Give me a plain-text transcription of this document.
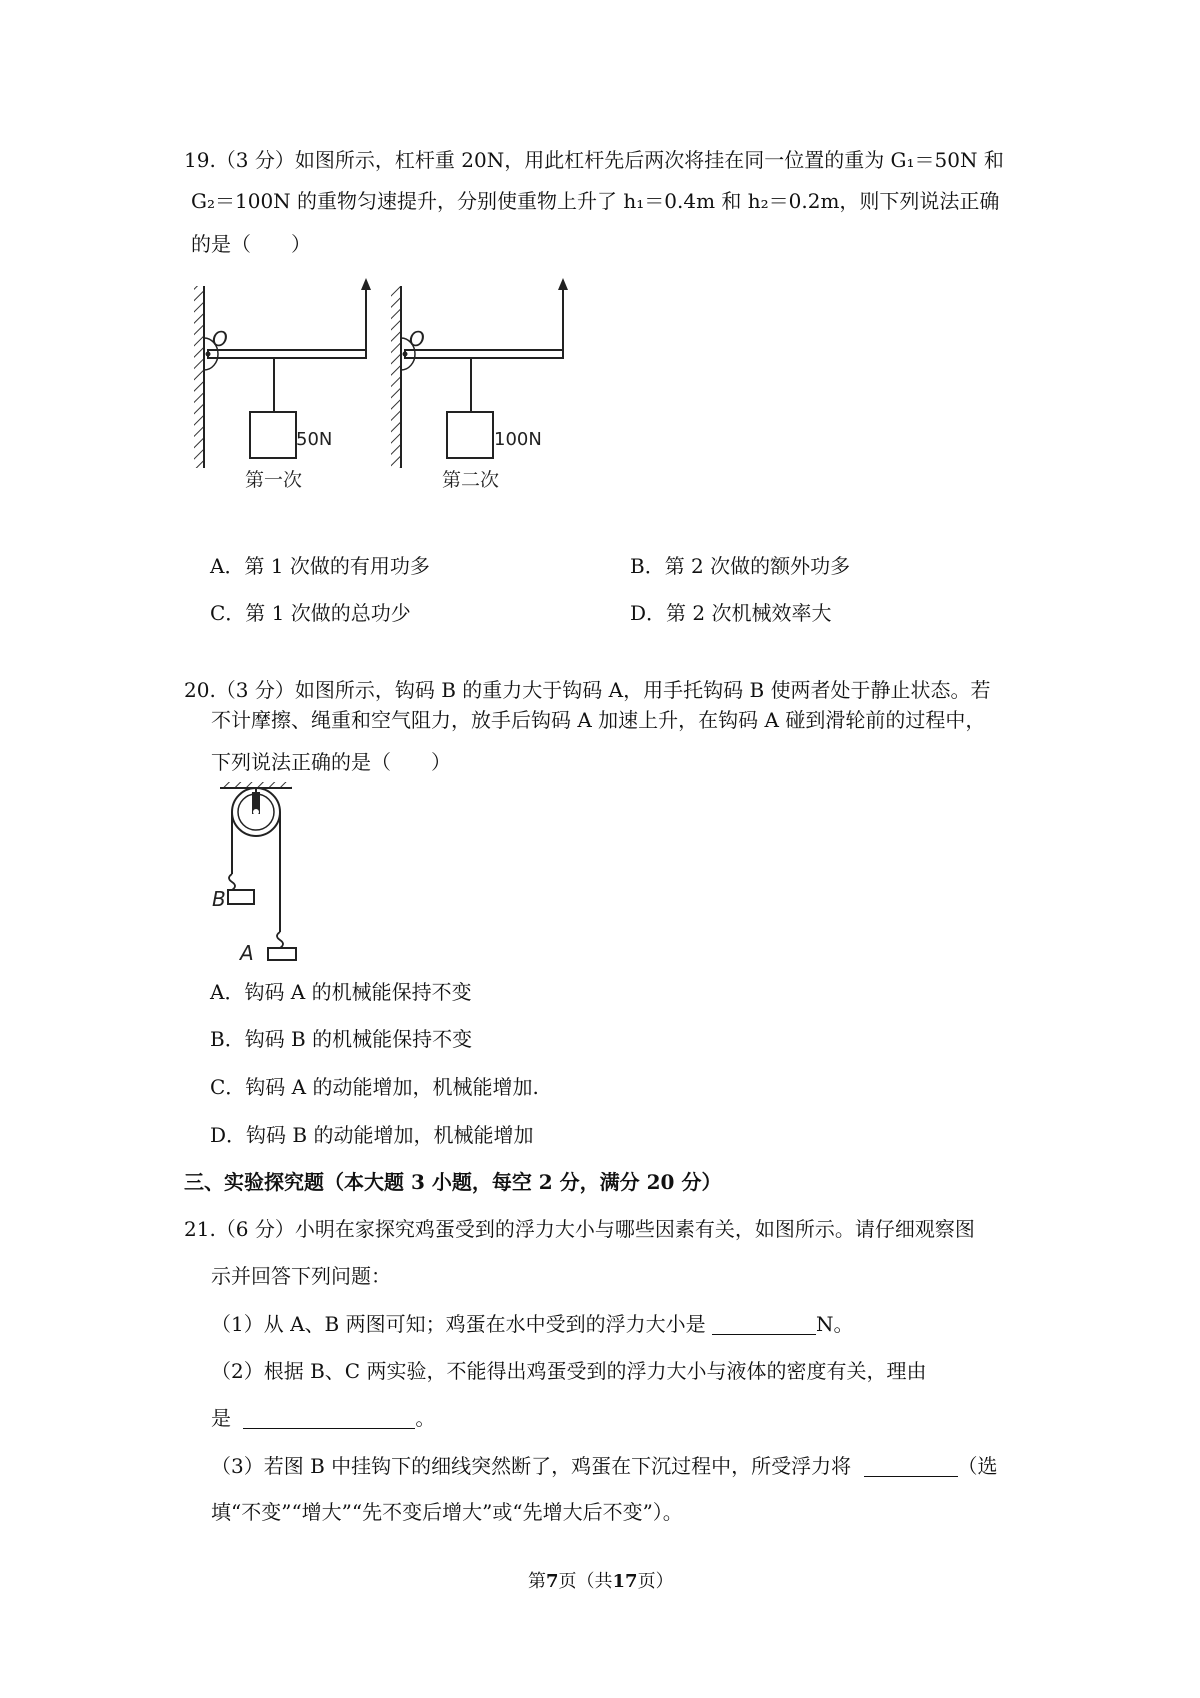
19.（3 分）如图所示，杠杆重 20N，用此杠杆先后两次将挂在同一位置的重为 G₁＝50N 和
G₂＝100N 的重物匀速提升，分别使重物上升了 h₁＝0.4m 和 h₂＝0.2m，则下列说法正确
的是（　　）
O
50N
第一次
O
100N
第二次
A．第 1 次做的有用功多	B．第 2 次做的额外功多
C．第 1 次做的总功少	D．第 2 次机械效率大
20.（3 分）如图所示，钩码 B 的重力大于钩码 A，用手托钩码 B 使两者处于静止状态。若
不计摩擦、绳重和空气阻力，放手后钩码 A 加速上升，在钩码 A 碰到滑轮前的过程中，
下列说法正确的是（　　）
B
A
A．钩码 A 的机械能保持不变
B．钩码 B 的机械能保持不变
C．钩码 A 的动能增加，机械能增加.
D．钩码 B 的动能增加，机械能增加
三、实验探究题（本大题 3 小题，每空 2 分，满分 20 分）
21.（6 分）小明在家探究鸡蛋受到的浮力大小与哪些因素有关，如图所示。请仔细观察图
示并回答下列问题：
（1）从 A、B 两图可知；鸡蛋在水中受到的浮力大小是	N。
（2）根据 B、C 两实验，不能得出鸡蛋受到的浮力大小与液体的密度有关，理由
是	。
（3）若图 B 中挂钩下的细线突然断了，鸡蛋在下沉过程中，所受浮力将	（选
填“不变”“增大”“先不变后增大”或“先增大后不变”）。
第7页（共17页）
